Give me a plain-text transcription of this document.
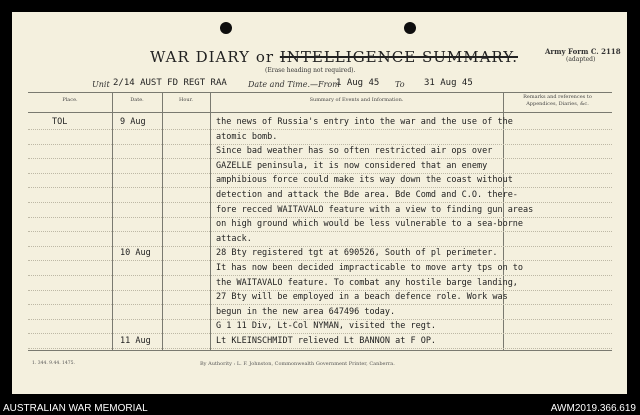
WAR DIARY or INTELLIGENCE SUMMARY.
(Erase heading not required).
Army Form C. 2118
(adapted)
Unit 2/14 AUST FD REGT RAA	Date and Time.—From
1 Aug 45 To 31 Aug 45
Place.	Date.	Hour.	Summary of Events and Information.	Remarks and references to
Appendices, Diaries, &c.
TOL	9 Aug	the news of Russia's entry into the war and the use of the
atomic bomb.
Since bad weather has so often restricted air ops over
GAZELLE peninsula, it is now considered that an enemy
amphibious force could make its way down the coast without
detection and attack the Bde area. Bde Comd and C.O. there-
fore recced WAITAVALO feature with a view to finding gun areas
on high ground which would be less vulnerable to a sea-borne
attack.
10 Aug	28 Bty registered tgt at 690526, South of pl perimeter.
It has now been decided impracticable to move arty tps on to
the WAITAVALO feature. To combat any hostile barge landing,
27 Bty will be employed in a beach defence role. Work was
begun in the new area 647496 today.
G 1 11 Div, Lt-Col NYMAN, visited the regt.
11 Aug	Lt KLEINSCHMIDT relieved Lt BANNON at F OP.
1. 344. 9.44. 1475.	By Authority : L. F. Johnston, Commonwealth Government Printer, Canberra.
AUSTRALIAN WAR MEMORIAL	AWM2019.366.619
